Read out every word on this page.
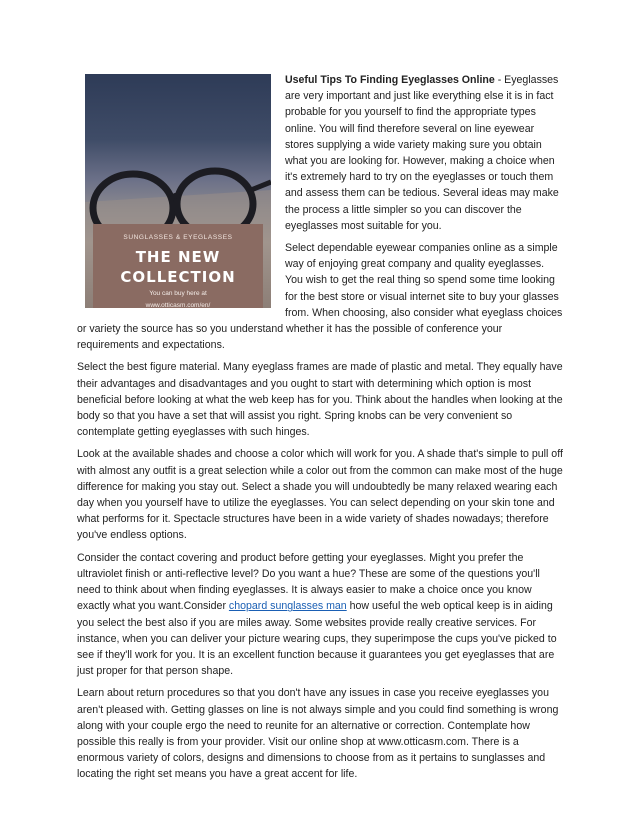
SUNGLASSES & EYEGLASSES
THE NEW
COLLECTION
You can buy here at
www.otticasm.com/en/

Useful Tips To Finding Eyeglasses Online - Eyeglasses are very important and just like everything else it is in fact probable for you yourself to find the appropriate types online. You will find therefore several on line eyewear stores supplying a wide variety making sure you obtain what you are looking for. However, making a choice when it's extremely hard to try on the eyeglasses or touch them and assess them can be tedious. Several ideas may make the process a little simpler so you can discover the eyeglasses most suitable for you.

Select dependable eyewear companies online as a simple way of enjoying great company and quality eyeglasses. You wish to get the real thing so spend some time looking for the best store or visual internet site to buy your glasses from. When choosing, also consider what eyeglass choices or variety the source has so you understand whether it has the possible of conference your requirements and expectations.

Select the best figure material. Many eyeglass frames are made of plastic and metal. They equally have their advantages and disadvantages and you ought to start with determining which option is most beneficial before looking at what the web keep has for you. Think about the handles when looking at the body so that you have a set that will assist you right. Spring knobs can be very convenient so contemplate getting eyeglasses with such hinges.

Look at the available shades and choose a color which will work for you. A shade that's simple to pull off with almost any outfit is a great selection while a color out from the common can make most of the huge difference for making you stay out. Select a shade you will undoubtedly be many relaxed wearing each day when you yourself have to utilize the eyeglasses. You can select depending on your skin tone and what performs for it. Spectacle structures have been in a wide variety of shades nowadays; therefore you've endless options.

Consider the contact covering and product before getting your eyeglasses. Might you prefer the ultraviolet finish or anti-reflective level? Do you want a hue? These are some of the questions you'll need to think about when finding eyeglasses. It is always easier to make a choice once you know exactly what you want.Consider chopard sunglasses man how useful the web optical keep is in aiding you select the best also if you are miles away. Some websites provide really creative services. For instance, when you can deliver your picture wearing cups, they superimpose the cups you've picked to see if they'll work for you. It is an excellent function because it guarantees you get eyeglasses that are just proper for that person shape.

Learn about return procedures so that you don't have any issues in case you receive eyeglasses you aren't pleased with. Getting glasses on line is not always simple and you could find something is wrong along with your couple ergo the need to reunite for an alternative or correction. Contemplate how possible this really is from your provider. Visit our online shop at www.otticasm.com. There is a enormous variety of colors, designs and dimensions to choose from as it pertains to sunglasses and locating the right set means you have a great accent for life.
